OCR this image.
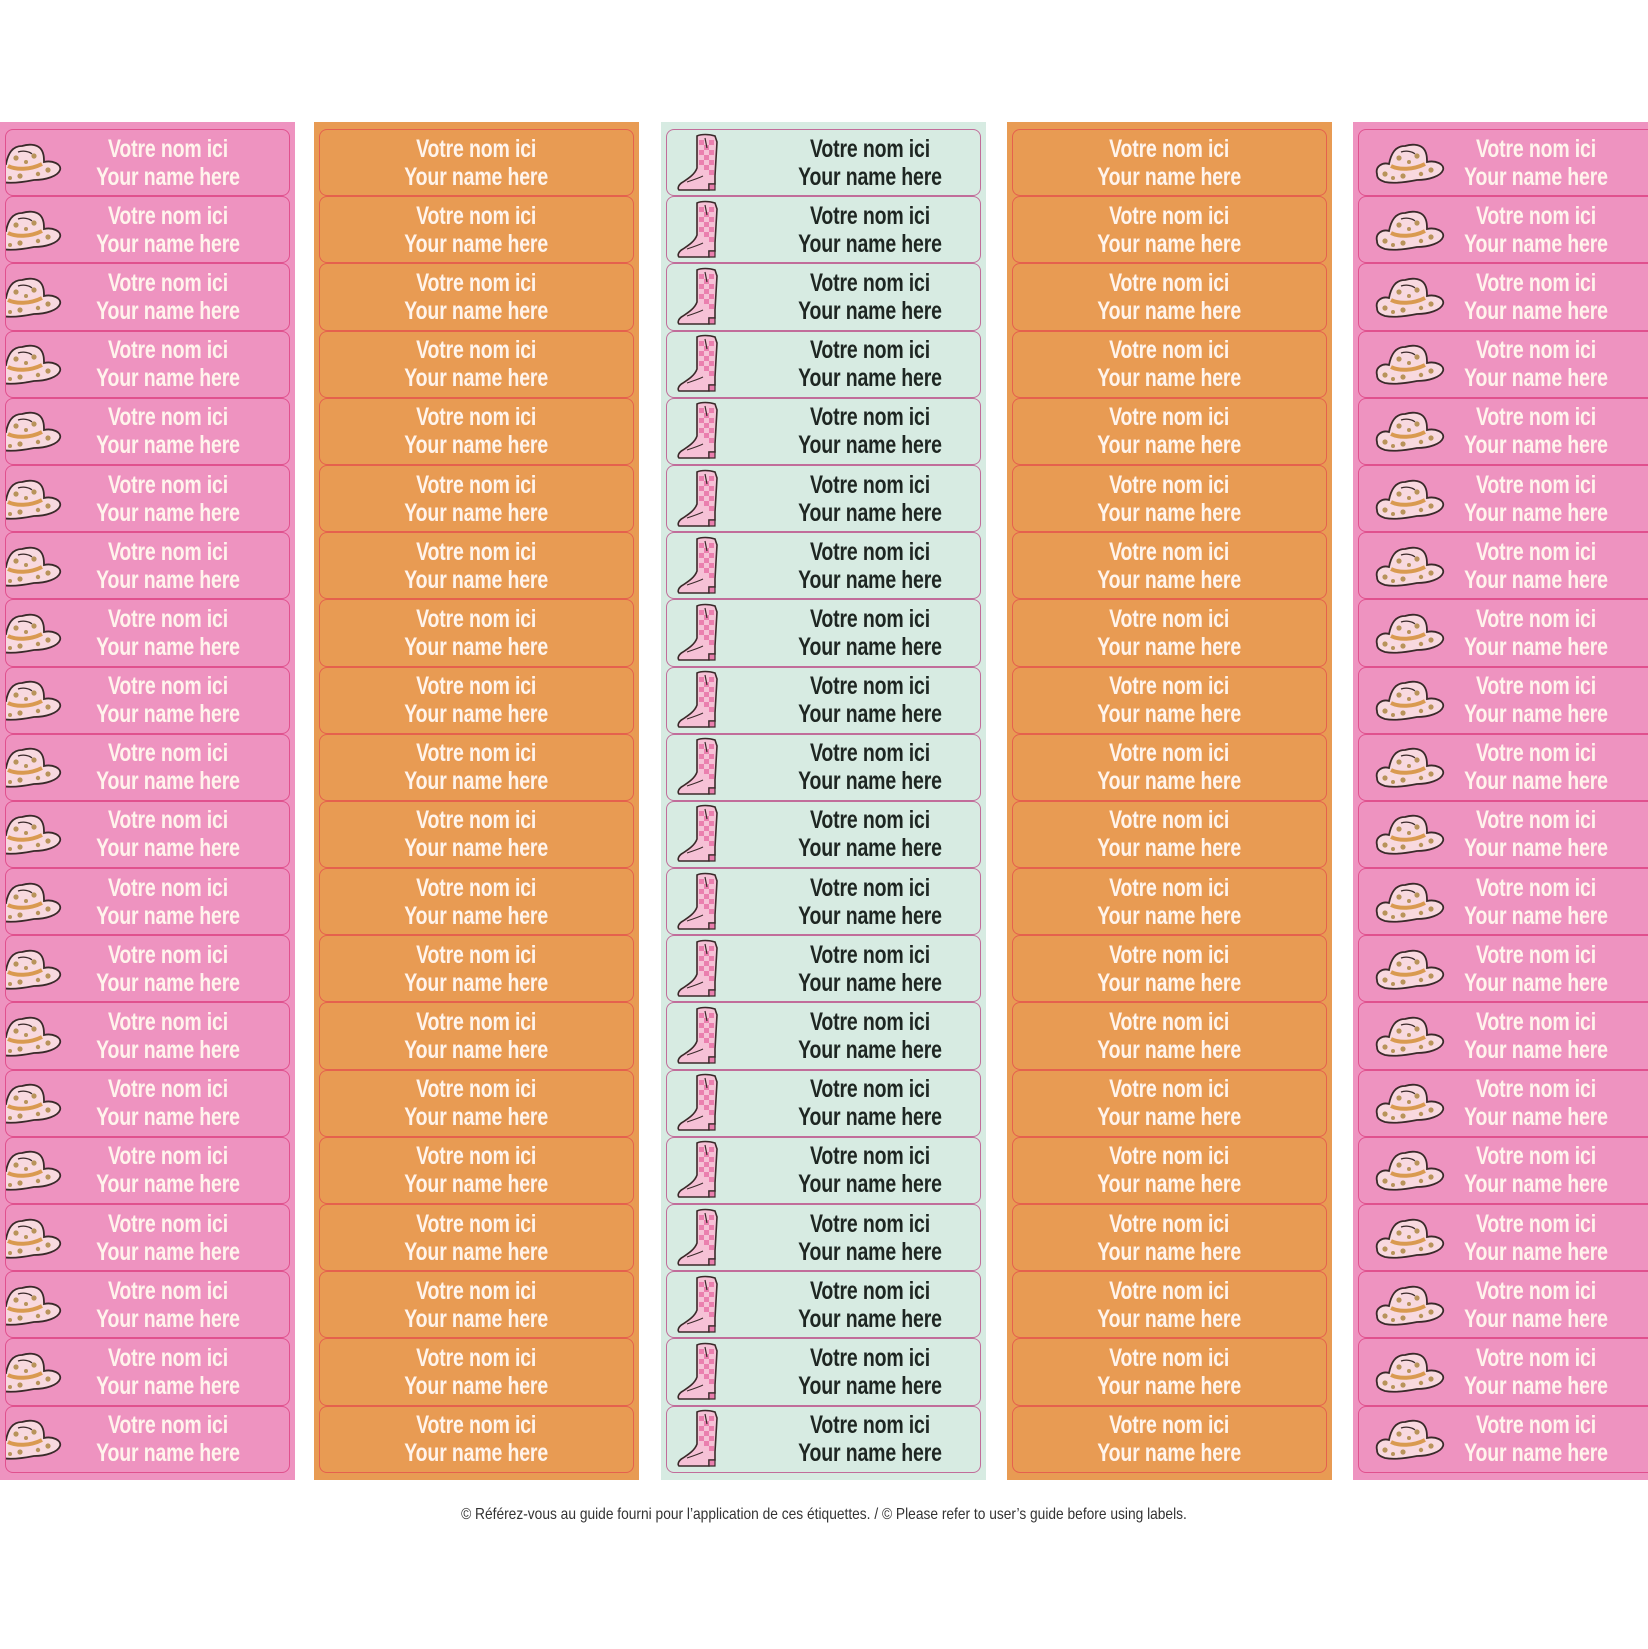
Votre nom ici
Your name here
Votre nom ici
Your name here
Votre nom ici
Your name here
Votre nom ici
Your name here
Votre nom ici
Your name here
Votre nom ici
Your name here
Votre nom ici
Your name here
Votre nom ici
Your name here
Votre nom ici
Your name here
Votre nom ici
Your name here
Votre nom ici
Your name here
Votre nom ici
Your name here
Votre nom ici
Your name here
Votre nom ici
Your name here
Votre nom ici
Your name here
Votre nom ici
Your name here
Votre nom ici
Your name here
Votre nom ici
Your name here
Votre nom ici
Your name here
Votre nom ici
Your name here
Votre nom ici
Your name here
Votre nom ici
Your name here
Votre nom ici
Your name here
Votre nom ici
Your name here
Votre nom ici
Your name here
Votre nom ici
Your name here
Votre nom ici
Your name here
Votre nom ici
Your name here
Votre nom ici
Your name here
Votre nom ici
Your name here
Votre nom ici
Your name here
Votre nom ici
Your name here
Votre nom ici
Your name here
Votre nom ici
Your name here
Votre nom ici
Your name here
Votre nom ici
Your name here
Votre nom ici
Your name here
Votre nom ici
Your name here
Votre nom ici
Your name here
Votre nom ici
Your name here
Votre nom ici
Your name here
Votre nom ici
Your name here
Votre nom ici
Your name here
Votre nom ici
Your name here
Votre nom ici
Your name here
Votre nom ici
Your name here
Votre nom ici
Your name here
Votre nom ici
Your name here
Votre nom ici
Your name here
Votre nom ici
Your name here
Votre nom ici
Your name here
Votre nom ici
Your name here
Votre nom ici
Your name here
Votre nom ici
Your name here
Votre nom ici
Your name here
Votre nom ici
Your name here
Votre nom ici
Your name here
Votre nom ici
Your name here
Votre nom ici
Your name here
Votre nom ici
Your name here
Votre nom ici
Your name here
Votre nom ici
Your name here
Votre nom ici
Your name here
Votre nom ici
Your name here
Votre nom ici
Your name here
Votre nom ici
Your name here
Votre nom ici
Your name here
Votre nom ici
Your name here
Votre nom ici
Your name here
Votre nom ici
Your name here
Votre nom ici
Your name here
Votre nom ici
Your name here
Votre nom ici
Your name here
Votre nom ici
Your name here
Votre nom ici
Your name here
Votre nom ici
Your name here
Votre nom ici
Your name here
Votre nom ici
Your name here
Votre nom ici
Your name here
Votre nom ici
Your name here
Votre nom ici
Your name here
Votre nom ici
Your name here
Votre nom ici
Your name here
Votre nom ici
Your name here
Votre nom ici
Your name here
Votre nom ici
Your name here
Votre nom ici
Your name here
Votre nom ici
Your name here
Votre nom ici
Your name here
Votre nom ici
Your name here
Votre nom ici
Your name here
Votre nom ici
Your name here
Votre nom ici
Your name here
Votre nom ici
Your name here
Votre nom ici
Your name here
Votre nom ici
Your name here
Votre nom ici
Your name here
Votre nom ici
Your name here
Votre nom ici
Your name here
Votre nom ici
Your name here

© Référez-vous au guide fourni pour l’application de ces étiquettes. / © Please refer to user’s guide before using labels.
